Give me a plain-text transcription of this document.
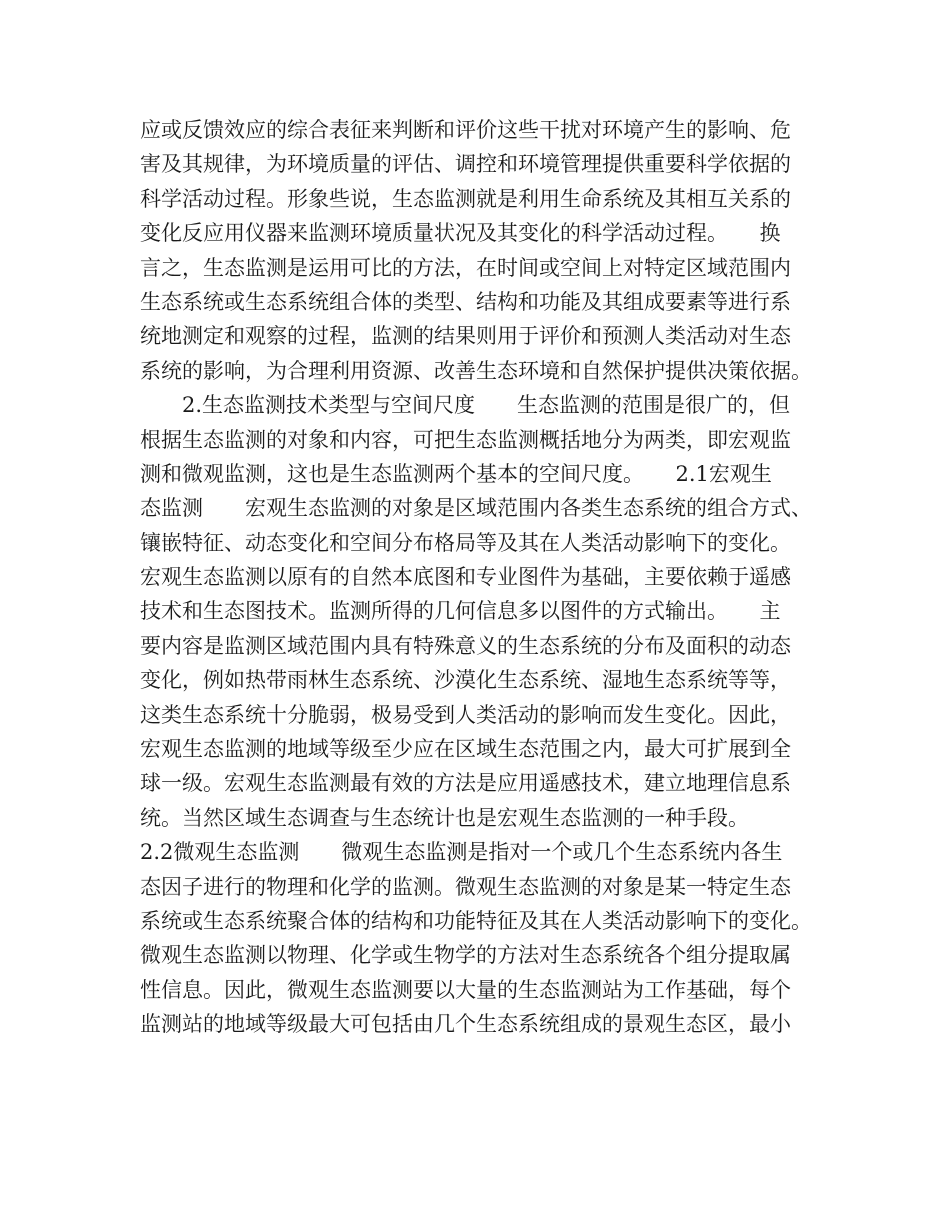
应或反馈效应的综合表征来判断和评价这些干扰对环境产生的影响、危
害及其规律，为环境质量的评估、调控和环境管理提供重要科学依据的
科学活动过程。形象些说，生态监测就是利用生命系统及其相互关系的
变化反应用仪器来监测环境质量状况及其变化的科学活动过程。　　换
言之，生态监测是运用可比的方法，在时间或空间上对特定区域范围内
生态系统或生态系统组合体的类型、结构和功能及其组成要素等进行系
统地测定和观察的过程，监测的结果则用于评价和预测人类活动对生态
系统的影响，为合理利用资源、改善生态环境和自然保护提供决策依据。
　　2.生态监测技术类型与空间尺度　　生态监测的范围是很广的，但
根据生态监测的对象和内容，可把生态监测概括地分为两类，即宏观监
测和微观监测，这也是生态监测两个基本的空间尺度。　　2.1宏观生
态监测　　宏观生态监测的对象是区域范围内各类生态系统的组合方式、
镶嵌特征、动态变化和空间分布格局等及其在人类活动影响下的变化。
宏观生态监测以原有的自然本底图和专业图件为基础，主要依赖于遥感
技术和生态图技术。监测所得的几何信息多以图件的方式输出。　　主
要内容是监测区域范围内具有特殊意义的生态系统的分布及面积的动态
变化，例如热带雨林生态系统、沙漠化生态系统、湿地生态系统等等，
这类生态系统十分脆弱，极易受到人类活动的影响而发生变化。因此，
宏观生态监测的地域等级至少应在区域生态范围之内，最大可扩展到全
球一级。宏观生态监测最有效的方法是应用遥感技术，建立地理信息系
统。当然区域生态调查与生态统计也是宏观生态监测的一种手段。
2.2微观生态监测　　微观生态监测是指对一个或几个生态系统内各生
态因子进行的物理和化学的监测。微观生态监测的对象是某一特定生态
系统或生态系统聚合体的结构和功能特征及其在人类活动影响下的变化。
微观生态监测以物理、化学或生物学的方法对生态系统各个组分提取属
性信息。因此，微观生态监测要以大量的生态监测站为工作基础，每个
监测站的地域等级最大可包括由几个生态系统组成的景观生态区，最小
